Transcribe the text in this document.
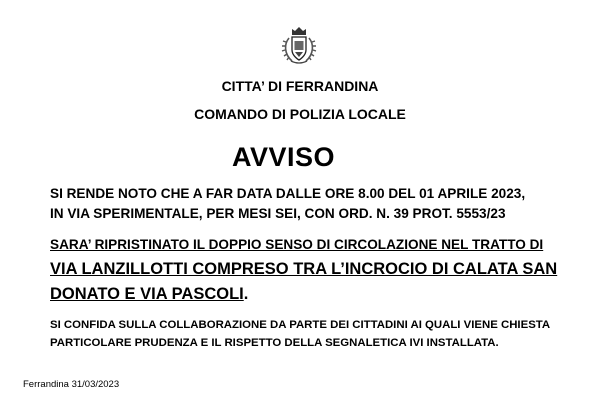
CITTA’ DI FERRANDINA
COMANDO DI POLIZIA LOCALE
AVVISO
SI RENDE NOTO CHE A FAR DATA DALLE ORE 8.00 DEL 01 APRILE 2023,
IN VIA SPERIMENTALE, PER MESI SEI, CON ORD. N. 39 PROT. 5553/23
SARA’ RIPRISTINATO IL DOPPIO SENSO DI CIRCOLAZIONE NEL TRATTO DI
VIA LANZILLOTTI COMPRESO TRA L’INCROCIO DI CALATA SAN
DONATO E VIA PASCOLI.
SI CONFIDA SULLA COLLABORAZIONE DA PARTE DEI CITTADINI AI QUALI VIENE CHIESTA
PARTICOLARE PRUDENZA E IL RISPETTO DELLA SEGNALETICA IVI INSTALLATA.
Ferrandina 31/03/2023
